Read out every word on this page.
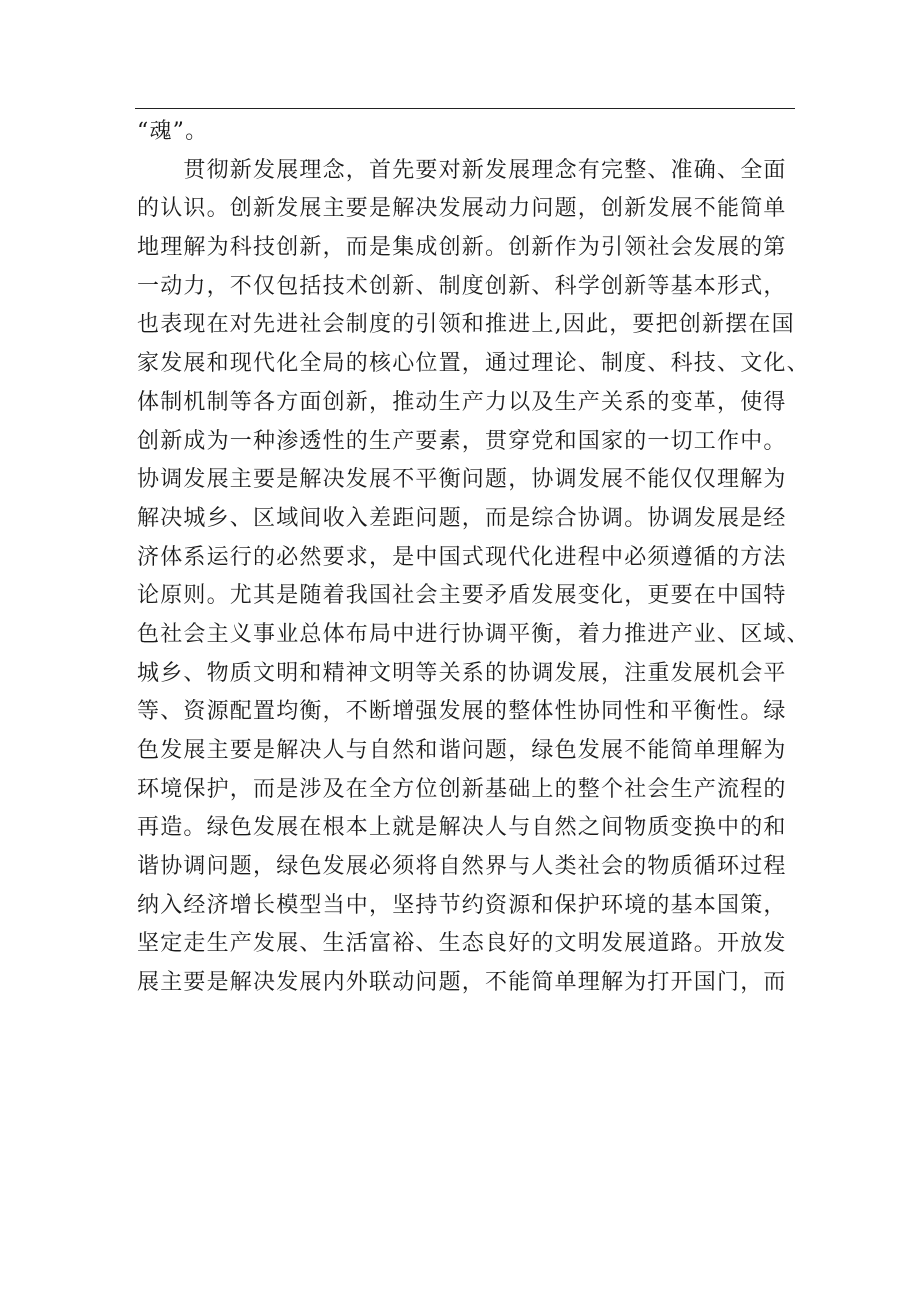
“魂”。
　　贯彻新发展理念，首先要对新发展理念有完整、准确、全面
的认识。创新发展主要是解决发展动力问题，创新发展不能简单
地理解为科技创新，而是集成创新。创新作为引领社会发展的第
一动力，不仅包括技术创新、制度创新、科学创新等基本形式，
也表现在对先进社会制度的引领和推进上,因此，要把创新摆在国
家发展和现代化全局的核心位置，通过理论、制度、科技、文化、
体制机制等各方面创新，推动生产力以及生产关系的变革，使得
创新成为一种渗透性的生产要素，贯穿党和国家的一切工作中。
协调发展主要是解决发展不平衡问题，协调发展不能仅仅理解为
解决城乡、区域间收入差距问题，而是综合协调。协调发展是经
济体系运行的必然要求，是中国式现代化进程中必须遵循的方法
论原则。尤其是随着我国社会主要矛盾发展变化，更要在中国特
色社会主义事业总体布局中进行协调平衡，着力推进产业、区域、
城乡、物质文明和精神文明等关系的协调发展，注重发展机会平
等、资源配置均衡，不断增强发展的整体性协同性和平衡性。绿
色发展主要是解决人与自然和谐问题，绿色发展不能简单理解为
环境保护，而是涉及在全方位创新基础上的整个社会生产流程的
再造。绿色发展在根本上就是解决人与自然之间物质变换中的和
谐协调问题，绿色发展必须将自然界与人类社会的物质循环过程
纳入经济增长模型当中，坚持节约资源和保护环境的基本国策，
坚定走生产发展、生活富裕、生态良好的文明发展道路。开放发
展主要是解决发展内外联动问题，不能简单理解为打开国门，而
